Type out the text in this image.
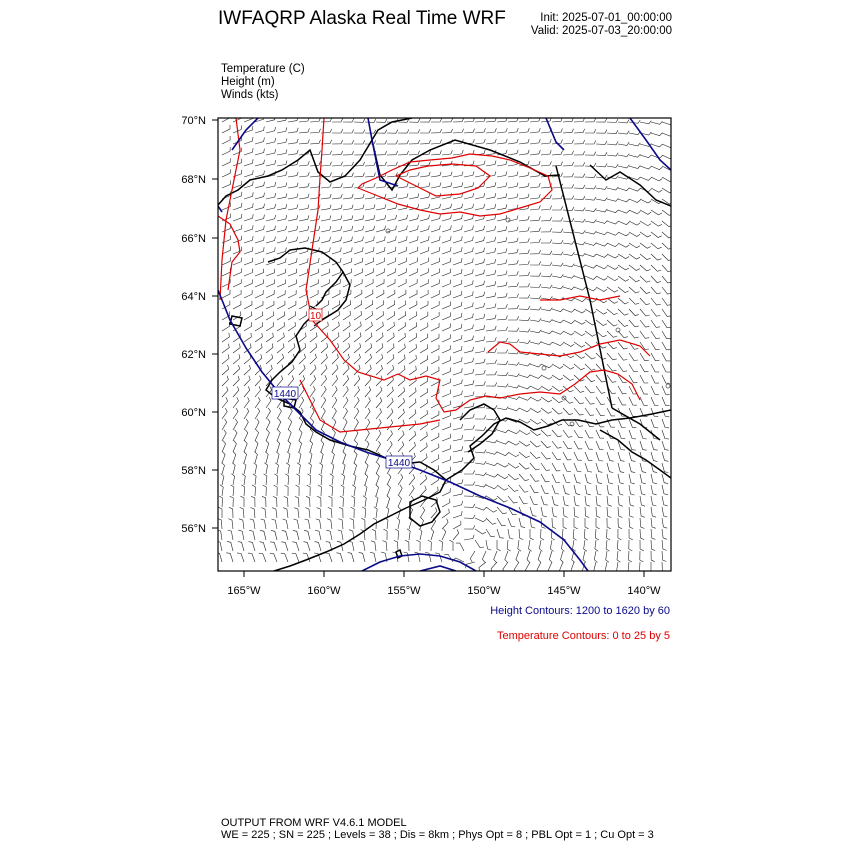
IWFAQRP Alaska Real Time WRF	Init: 2025-07-01_00:00:00
Valid: 2025-07-03_20:00:00
Temperature (C)
Height (m)
Winds (kts)
10
1440
1440
70°N
68°N
66°N
64°N
62°N
60°N
58°N
56°N
165°W	160°W	155°W	150°W	145°W	140°W
Height Contours: 1200 to 1620 by 60
Temperature Contours: 0 to 25 by 5
OUTPUT FROM WRF V4.6.1 MODEL
WE = 225 ; SN = 225 ; Levels = 38 ; Dis = 8km ; Phys Opt = 8 ; PBL Opt = 1 ; Cu Opt = 3
